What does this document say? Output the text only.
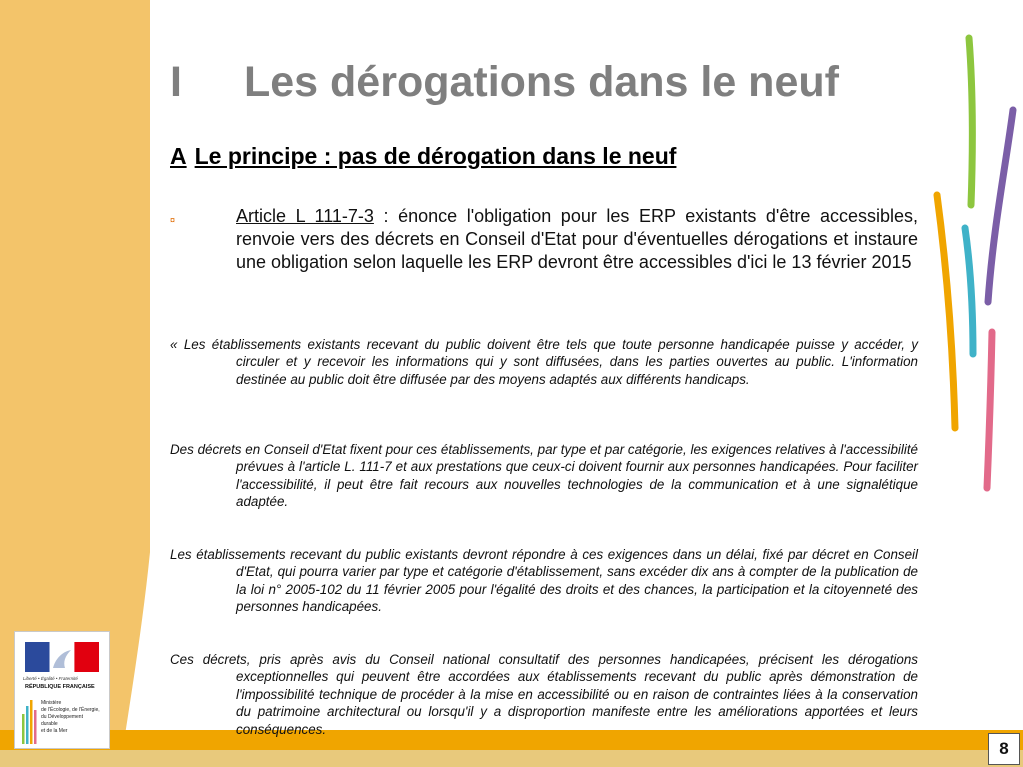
I Les dérogations dans le neuf
A Le principe : pas de dérogation dans le neuf
¤	Article L 111-7-3 : énonce l'obligation pour les ERP existants d'être accessibles, renvoie vers des décrets en Conseil d'Etat pour d'éventuelles dérogations et instaure une obligation selon laquelle les ERP devront être accessibles d'ici le 13 février 2015
« Les établissements existants recevant du public doivent être tels que toute personne handicapée puisse y accéder, y circuler et y recevoir les informations qui y sont diffusées, dans les parties ouvertes au public. L'information destinée au public doit être diffusée par des moyens adaptés aux différents handicaps.
Des décrets en Conseil d'Etat fixent pour ces établissements, par type et par catégorie, les exigences relatives à l'accessibilité prévues à l'article L. 111-7 et aux prestations que ceux-ci doivent fournir aux personnes handicapées. Pour faciliter l'accessibilité, il peut être fait recours aux nouvelles technologies de la communication et à une signalétique adaptée.
Les établissements recevant du public existants devront répondre à ces exigences dans un délai, fixé par décret en Conseil d'Etat, qui pourra varier par type et catégorie d'établissement, sans excéder dix ans à compter de la publication de la loi n° 2005-102 du 11 février 2005 pour l'égalité des droits et des chances, la participation et la citoyenneté des personnes handicapées.
Ces décrets, pris après avis du Conseil national consultatif des personnes handicapées, précisent les dérogations exceptionnelles qui peuvent être accordées aux établissements recevant du public après démonstration de l'impossibilité technique de procéder à la mise en accessibilité ou en raison de contraintes liées à la conservation du patrimoine architectural ou lorsqu'il y a disproportion manifeste entre les améliorations apportées et leurs conséquences.
Liberté • Égalité • Fraternité
RÉPUBLIQUE FRANÇAISE
Ministère
de l'Écologie, de l'Énergie,
du Développement
durable
et de la Mer
8
